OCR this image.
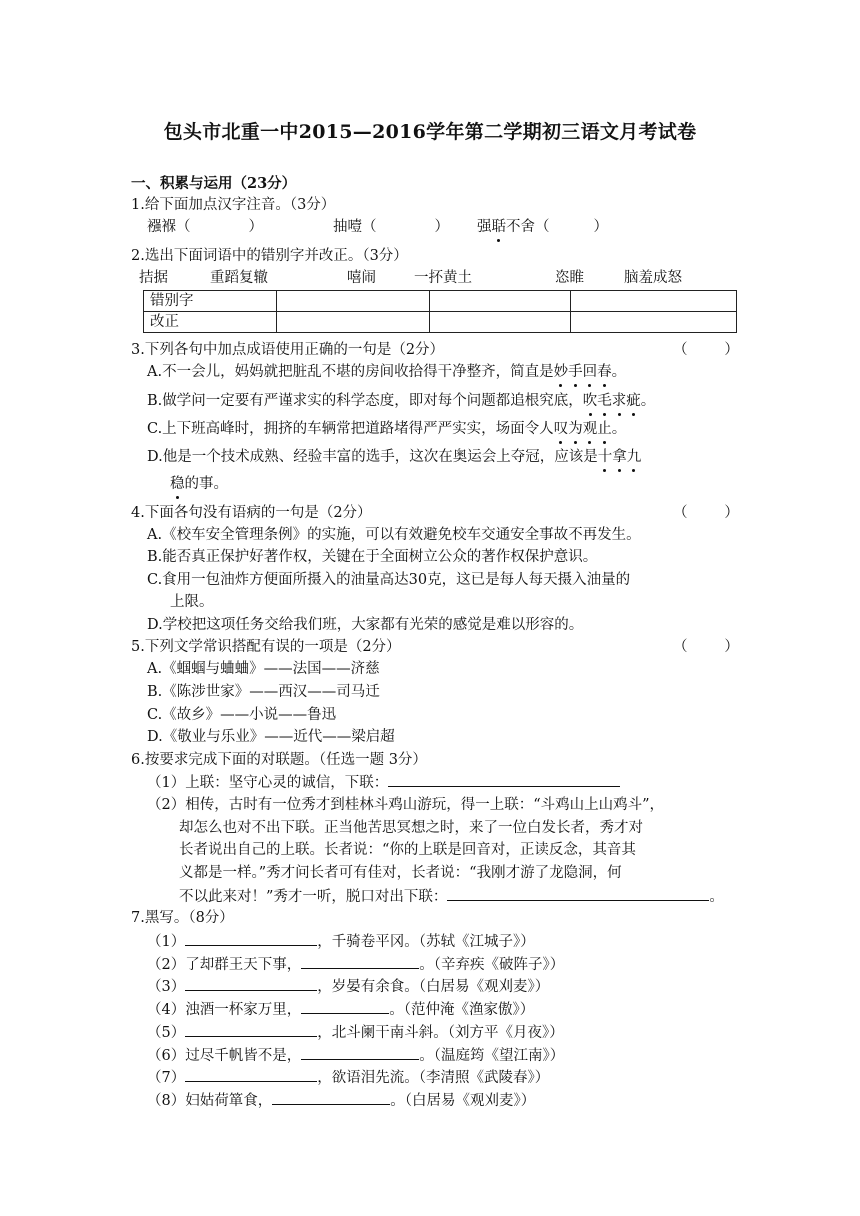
包头市北重一中2015—2016学年第二学期初三语文月考试卷
一、积累与运用（23分）
1.给下面加点汉字注音。（3分）
襁褓（	）	抽噎（	） 强聒不舍（	）
2.选出下面词语中的错别字并改正。（3分）
拮据	重蹈复辙	嘻闹	一抔黄土	恣睢	脑羞成怒
错别字			
改正			
3.下列各句中加点成语使用正确的一句是（2分）	（        ）
A.不一会儿，妈妈就把脏乱不堪的房间收拾得干净整齐，简直是妙手回春。
B.做学问一定要有严谨求实的科学态度，即对每个问题都追根究底，吹毛求疵。
C.上下班高峰时，拥挤的车辆常把道路堵得严严实实，场面令人叹为观止。
D.他是一个技术成熟、经验丰富的选手，这次在奥运会上夺冠，应该是十拿九
稳的事。
4.下面各句没有语病的一句是（2分）	（        ）
A.《校车安全管理条例》的实施，可以有效避免校车交通安全事故不再发生。
B.能否真正保护好著作权，关键在于全面树立公众的著作权保护意识。
C.食用一包油炸方便面所摄入的油量高达30克，这已是每人每天摄入油量的
上限。
D.学校把这项任务交给我们班，大家都有光荣的感觉是难以形容的。
5.下列文学常识搭配有误的一项是（2分）	（        ）
A.《蝈蝈与蛐蛐》——法国——济慈
B.《陈涉世家》——西汉——司马迁
C.《故乡》——小说——鲁迅
D.《敬业与乐业》——近代——梁启超
6.按要求完成下面的对联题。（任选一题 3分）
（1）上联：坚守心灵的诚信，下联：
（2）相传，古时有一位秀才到桂林斗鸡山游玩，得一上联：“斗鸡山上山鸡斗”，
却怎么也对不出下联。正当他苦思冥想之时，来了一位白发长者，秀才对
长者说出自己的上联。长者说：“你的上联是回音对，正读反念，其音其
义都是一样。”秀才问长者可有佳对，长者说：“我刚才游了龙隐洞，何
不以此来对！”秀才一听，脱口对出下联：	。
7.黑写。（8分）
（1）	，千骑卷平冈。（苏轼《江城子》）
（2）了却群王天下事，	。（辛弃疾《破阵子》）
（3）	，岁晏有余食。（白居易《观刈麦》）
（4）浊酒一杯家万里，	。（范仲淹《渔家傲》）
（5）	，北斗阑干南斗斜。（刘方平《月夜》）
（6）过尽千帆皆不是，	。（温庭筠《望江南》）
（7）	，欲语泪先流。（李清照《武陵春》）
（8）妇姑荷箪食，	。（白居易《观刈麦》）
